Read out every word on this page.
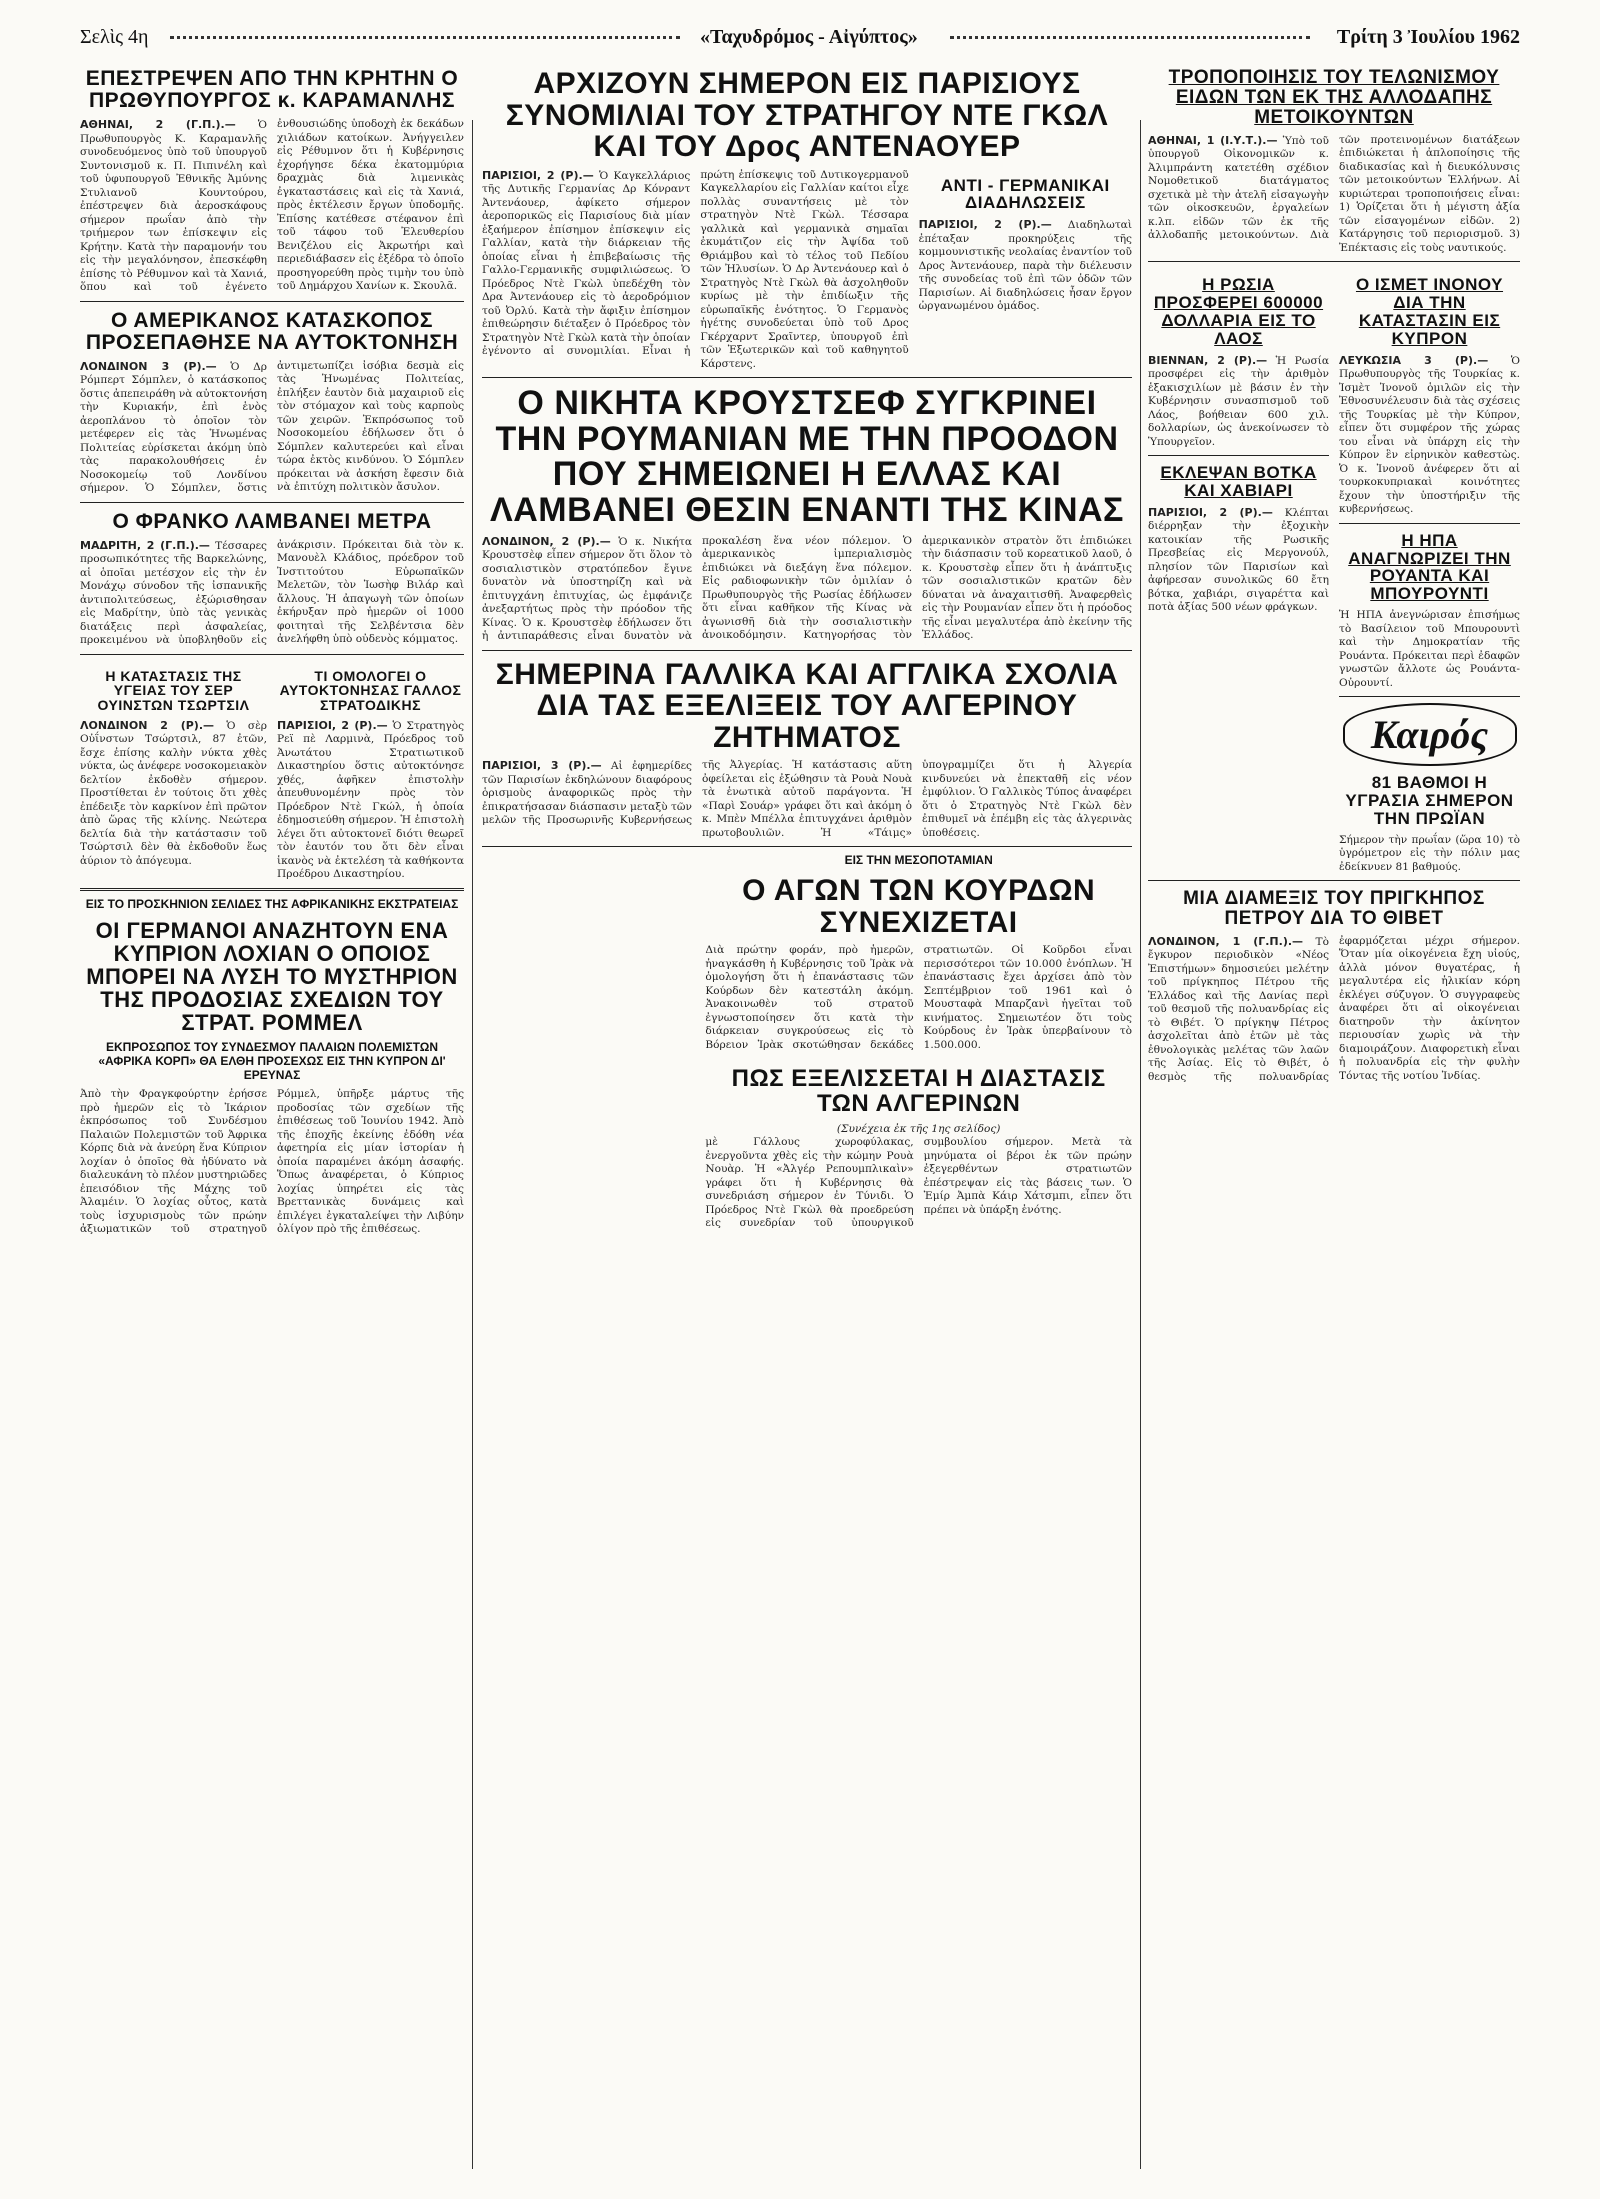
Σελὶς 4η	«Ταχυδρόμος - Αἰγύπτος»	Τρίτη 3 Ἰουλίου 1962
ΕΠΕΣΤΡΕΨΕΝ ΑΠΟ ΤΗΝ ΚΡΗΤΗΝ Ο ΠΡΩΘΥΠΟΥΡΓΟΣ κ. ΚΑΡΑΜΑΝΛΗΣ
ΑΘΗΝΑΙ, 2 (Γ.Π.).— Ὁ Πρωθυπουργὸς Κ. Καραμανλῆς συνοδευόμενος ὑπὸ τοῦ ὑπουργοῦ Συντονισμοῦ κ. Π. Πιπινέλη καὶ τοῦ ὑφυπουργοῦ Ἐθνικῆς Ἀμύνης Στυλιανοῦ Κουντούρου, ἐπέστρεψεν διὰ ἀεροσκάφους σήμερον πρωΐαν ἀπὸ τὴν τριήμερον των ἐπίσκεψιν εἰς Κρήτην. Κατὰ τὴν παραμονήν του εἰς τὴν μεγαλόνησον, ἐπεσκέφθη ἐπίσης τὸ Ρέθυμνον καὶ τὰ Χανιά, ὅπου καὶ τοῦ ἐγένετο ἐνθουσιώδης ὑποδοχὴ ἐκ δεκάδων χιλιάδων κατοίκων. Ἀνήγγειλεν εἰς Ρέθυμνον ὅτι ἡ Κυβέρνησις ἐχορήγησε δέκα ἑκατομμύρια δραχμὰς διὰ λιμενικὰς ἐγκαταστάσεις καὶ εἰς τὰ Χανιά, πρὸς ἐκτέλεσιν ἔργων ὑποδομῆς. Ἐπίσης κατέθεσε στέφανον ἐπὶ τοῦ τάφου τοῦ Ἐλευθερίου Βενιζέλου εἰς Ἀκρωτήρι καὶ περιεδιάβασεν εἰς ἐξέδρα τὸ ὁποῖο προσηγορεύθη πρὸς τιμὴν του ὑπὸ τοῦ Δημάρχου Χανίων κ. Σκουλᾶ.
Ο ΑΜΕΡΙΚΑΝΟΣ ΚΑΤΑΣΚΟΠΟΣ ΠΡΟΣΕΠΑΘΗΣΕ ΝΑ ΑΥΤΟΚΤΟΝΗΣΗ
ΛΟΝΔΙΝΟΝ 3 (Ρ).— Ὁ Δρ Ρόμπερτ Σόμπλεν, ὁ κατάσκοπος ὅστις ἀπεπειράθη νὰ αὐτοκτονήση τὴν Κυριακήν, ἐπὶ ἑνὸς ἀεροπλάνου τὸ ὁποῖον τὸν μετέφερεν εἰς τὰς Ἡνωμένας Πολιτείας εὑρίσκεται ἀκόμη ὑπὸ τὰς παρακολουθήσεις ἐν Νοσοκομείῳ τοῦ Λονδίνου σήμερον. Ὁ Σόμπλεν, ὅστις ἀντιμετωπίζει ἰσόβια δεσμὰ εἰς τὰς Ἡνωμένας Πολιτείας, ἐπλήξεν ἑαυτὸν διὰ μαχαιριοῦ εἰς τὸν στόμαχον καὶ τοὺς καρποὺς τῶν χειρῶν. Ἐκπρόσωπος τοῦ Νοσοκομείου ἐδήλωσεν ὅτι ὁ Σόμπλεν καλυτερεύει καὶ εἶναι τώρα ἐκτὸς κινδύνου. Ὁ Σόμπλεν πρόκειται νὰ ἀσκήση ἔφεσιν διὰ νὰ ἐπιτύχη πολιτικὸν ἄσυλον.
Ο ΦΡΑΝΚΟ ΛΑΜΒΑΝΕΙ ΜΕΤΡΑ
ΜΑΔΡΙΤΗ, 2 (Γ.Π.).— Τέσσαρες προσωπικότητες τῆς Βαρκελώνης, αἱ ὁποῖαι μετέσχον εἰς τὴν ἐν Μονάχῳ σύνοδον τῆς ἰσπανικῆς ἀντιπολιτεύσεως, ἐξώρισθησαν εἰς Μαδρίτην, ὑπὸ τὰς γενικὰς διατάξεις περὶ ἀσφαλείας, προκειμένου νὰ ὑποβληθοῦν εἰς ἀνάκρισιν. Πρόκειται διὰ τὸν κ. Μανουὲλ Κλάδιος, πρόεδρον τοῦ Ἰνστιτούτου Εὐρωπαϊκῶν Μελετῶν, τὸν Ἰωσὴφ Βιλάρ καὶ ἄλλους. Ἡ ἀπαγωγὴ τῶν ὁποίων ἐκήρυξαν πρὸ ἡμερῶν οἱ 1000 φοιτηταὶ τῆς Σελβέντσια δὲν ἀνελήφθη ὑπὸ οὐδενὸς κόμματος.
Η ΚΑΤΑΣΤΑΣΙΣ ΤΗΣ ΥΓΕΙΑΣ ΤΟΥ ΣΕΡ ΟΥΙΝΣΤΩΝ ΤΣΩΡΤΣΙΛ
ΛΟΝΔΙΝΟΝ 2 (Ρ).— Ὁ σὲρ Οὐΐνστων Τσώρτσιλ, 87 ἐτῶν, ἔσχε ἐπίσης καλὴν νύκτα χθὲς νύκτα, ὡς ἀνέφερε νοσοκομειακὸν δελτίον ἐκδοθὲν σήμερον. Προστίθεται ἐν τούτοις ὅτι χθὲς ἐπέδειξε τὸν καρκίνον ἐπὶ πρῶτον ἀπὸ ὥρας τῆς κλίνης. Νεώτερα δελτία διὰ τὴν κατάστασιν τοῦ Τσώρτσιλ δὲν θὰ ἐκδοθοῦν ἕως ἀύριον τὸ ἀπόγευμα.
ΤΙ ΟΜΟΛΟΓΕΙ Ο ΑΥΤΟΚΤΟΝΗΣΑΣ ΓΑΛΛΟΣ ΣΤΡΑΤΟΔΙΚΗΣ
ΠΑΡΙΣΙΟΙ, 2 (Ρ).— Ὁ Στρατηγὸς Ρεϊ πὲ Λαρμινὰ, Πρόεδρος τοῦ Ἀνωτάτου Στρατιωτικοῦ Δικαστηρίου ὅστις αὐτοκτόνησε χθές, ἀφῆκεν ἐπιστολὴν ἀπευθυνομένην πρὸς τὸν Πρόεδρον Ντὲ Γκώλ, ἡ ὁποία ἐδημοσιεύθη σήμερον. Ἡ ἐπιστολὴ λέγει ὅτι αὐτοκτονεῖ διότι θεωρεῖ τὸν ἑαυτόν του ὅτι δὲν εἶναι ἱκανὸς νὰ ἐκτελέση τὰ καθήκοντα Προέδρου Δικαστηρίου.
ΕΙΣ ΤΟ ΠΡΟΣΚΗΝΙΟΝ ΣΕΛΙΔΕΣ ΤΗΣ ΑΦΡΙΚΑΝΙΚΗΣ ΕΚΣΤΡΑΤΕΙΑΣ
ΟΙ ΓΕΡΜΑΝΟΙ ΑΝΑΖΗΤΟΥΝ ΕΝΑ ΚΥΠΡΙΟΝ ΛΟΧΙΑΝ Ο ΟΠΟΙΟΣ ΜΠΟΡΕΙ ΝΑ ΛΥΣΗ ΤΟ ΜΥΣΤΗΡΙΟΝ ΤΗΣ ΠΡΟΔΟΣΙΑΣ ΣΧΕΔΙΩΝ ΤΟΥ ΣΤΡΑΤ. ΡΟΜΜΕΛ
ΕΚΠΡΟΣΩΠΟΣ ΤΟΥ ΣΥΝΔΕΣΜΟΥ ΠΑΛΑΙΩΝ ΠΟΛΕΜΙΣΤΩΝ «ΑΦΡΙΚΑ ΚΟΡΠ» ΘΑ ΕΛΘΗ ΠΡΟΣΕΧΩΣ ΕΙΣ ΤΗΝ ΚΥΠΡΟΝ ΔΙ' ΕΡΕΥΝΑΣ
Ἀπὸ τὴν Φραγκφούρτην ἐρήσσε πρὸ ἡμερῶν εἰς τὸ Ἰκάριον ἐκπρόσωπος τοῦ Συνδέσμου Παλαιῶν Πολεμιστῶν τοῦ Ἀφρικα Κόρπς διὰ νὰ ἀνεύρη ἕνα Κύπριον λοχίαν ὁ ὁποῖος θὰ ἠδύνατο νὰ διαλευκάνη τὸ πλέον μυστηριῶδες ἐπεισόδιον τῆς Μάχης τοῦ Ἀλαμέιν. Ὁ λοχίας οὗτος, κατὰ τοὺς ἰσχυρισμοὺς τῶν πρώην ἀξιωματικῶν τοῦ στρατηγοῦ Ρόμμελ, ὑπῆρξε μάρτυς τῆς προδοσίας τῶν σχεδίων τῆς ἐπιθέσεως τοῦ Ἰουνίου 1942. Ἀπὸ τῆς ἐποχῆς ἐκείνης ἐδόθη νέα ἀφετηρία εἰς μίαν ἱστορίαν ἡ ὁποία παραμένει ἀκόμη ἀσαφής. Ὅπως ἀναφέρεται, ὁ Κύπριος λοχίας ὑπηρέτει εἰς τὰς Βρεττανικὰς δυνάμεις καὶ ἐπιλέγει ἐγκαταλείψει τὴν Λιβύην ὀλίγον πρὸ τῆς ἐπιθέσεως.
ΑΡΧΙΖΟΥΝ ΣΗΜΕΡΟΝ ΕΙΣ ΠΑΡΙΣΙΟΥΣ ΣΥΝΟΜΙΛΙΑΙ ΤΟΥ ΣΤΡΑΤΗΓΟΥ ΝΤΕ ΓΚΩΛ ΚΑΙ ΤΟΥ Δρος ΑΝΤΕΝΑΟΥΕΡ
ΠΑΡΙΣΙΟΙ, 2 (Ρ).— Ὁ Καγκελλάριος τῆς Δυτικῆς Γερμανίας Δρ Κόνραντ Ἀντενάουερ, ἀφίκετο σήμερον ἀεροπορικῶς εἰς Παρισίους διὰ μίαν ἑξαήμερον ἐπίσημον ἐπίσκεψιν εἰς Γαλλίαν, κατὰ τὴν διάρκειαν τῆς ὁποίας εἶναι ἡ ἐπιβεβαίωσις τῆς Γαλλο-Γερμανικῆς συμφιλιώσεως. Ὁ Πρόεδρος Ντὲ Γκὼλ ὑπεδέχθη τὸν Δρα Ἀντενάουερ εἰς τὸ ἀεροδρόμιον τοῦ Ὀρλύ. Κατὰ τὴν ἄφιξιν ἐπίσημον ἐπιθεώρησιν διέταξεν ὁ Πρόεδρος τὸν Στρατηγὸν Ντὲ Γκὼλ κατὰ τὴν ὁποίαν ἐγένοντο αἱ συνομιλίαι. Εἶναι ἡ πρώτη ἐπίσκεψις τοῦ Δυτικογερμανοῦ Καγκελλαρίου εἰς Γαλλίαν καίτοι εἶχε πολλὰς συναντήσεις μὲ τὸν στρατηγὸν Ντὲ Γκὼλ. Τέσσαρα γαλλικὰ καὶ γερμανικὰ σημαῖαι ἐκυμάτιζον εἰς τὴν Ἀψίδα τοῦ Θριάμβου καὶ τὸ τέλος τοῦ Πεδίου τῶν Ἠλυσίων. Ὁ Δρ Ἀντενάουερ καὶ ὁ Στρατηγὸς Ντὲ Γκὼλ θὰ ἀσχοληθοῦν κυρίως μὲ τὴν ἐπιδίωξιν τῆς εὐρωπαϊκῆς ἑνότητος. Ὁ Γερμανὸς ἡγέτης συνοδεύεται ὑπὸ τοῦ Δρος Γκέρχαρντ Σραῖντερ, ὑπουργοῦ ἐπὶ τῶν Ἐξωτερικῶν καὶ τοῦ καθηγητοῦ Κάρστενς.
ΑΝΤΙ - ΓΕΡΜΑΝΙΚΑΙ ΔΙΑΔΗΛΩΣΕΙΣ
ΠΑΡΙΣΙΟΙ, 2 (Ρ).— Διαδηλωταὶ ἐπέταξαν προκηρύξεις τῆς κομμουνιστικῆς νεολαίας ἐναντίον τοῦ Δρος Ἀντενάουερ, παρὰ τὴν διέλευσιν τῆς συνοδείας τοῦ ἐπὶ τῶν ὁδῶν τῶν Παρισίων. Αἱ διαδηλώσεις ἦσαν ἔργον ὠργανωμένου ὁμάδος.
Ο ΝΙΚΗΤΑ ΚΡΟΥΣΤΣΕΦ ΣΥΓΚΡΙΝΕΙ ΤΗΝ ΡΟΥΜΑΝΙΑΝ ΜΕ ΤΗΝ ΠΡΟΟΔΟΝ ΠΟΥ ΣΗΜΕΙΩΝΕΙ Η ΕΛΛΑΣ ΚΑΙ ΛΑΜΒΑΝΕΙ ΘΕΣΙΝ ΕΝΑΝΤΙ ΤΗΣ ΚΙΝΑΣ
ΛΟΝΔΙΝΟΝ, 2 (Ρ).— Ὁ κ. Νικήτα Κρουστσὲφ εἶπεν σήμερον ὅτι ὅλον τὸ σοσιαλιστικὸν στρατόπεδον ἔγινε δυνατὸν νὰ ὑποστηρίζη καὶ νὰ ἐπιτυγχάνη ἐπιτυχίας, ὡς ἐμφάνιζε ἀνεξαρτήτως πρὸς τὴν πρόοδον τῆς Κίνας. Ὁ κ. Κρουστσὲφ ἐδήλωσεν ὅτι ἡ ἀντιπαράθεσις εἶναι δυνατὸν νὰ προκαλέση ἕνα νέον πόλεμον. Ὁ ἀμερικανικὸς ἰμπεριαλισμὸς ἐπιδιώκει νὰ διεξάγη ἕνα πόλεμον. Εἰς ραδιοφωνικὴν τῶν ὁμιλίαν ὁ Πρωθυπουργὸς τῆς Ρωσίας ἐδήλωσεν ὅτι εἶναι καθῆκον τῆς Κίνας νὰ ἀγωνισθῆ διὰ τὴν σοσιαλιστικὴν ἀνοικοδόμησιν. Κατηγορήσας τὸν ἀμερικανικὸν στρατὸν ὅτι ἐπιδιώκει τὴν διάσπασιν τοῦ κορεατικοῦ λαοῦ, ὁ κ. Κρουστσὲφ εἶπεν ὅτι ἡ ἀνάπτυξις τῶν σοσιαλιστικῶν κρατῶν δὲν δύναται νὰ ἀναχαιτισθῆ. Ἀναφερθεὶς εἰς τὴν Ρουμανίαν εἶπεν ὅτι ἡ πρόοδος τῆς εἶναι μεγαλυτέρα ἀπὸ ἐκείνην τῆς Ἑλλάδος.
ΣΗΜΕΡΙΝΑ ΓΑΛΛΙΚΑ ΚΑΙ ΑΓΓΛΙΚΑ ΣΧΟΛΙΑ ΔΙΑ ΤΑΣ ΕΞΕΛΙΞΕΙΣ ΤΟΥ ΑΛΓΕΡΙΝΟΥ ΖΗΤΗΜΑΤΟΣ
ΠΑΡΙΣΙΟΙ, 3 (Ρ).— Αἱ ἐφημερίδες τῶν Παρισίων ἐκδηλώνουν διαφόρους ὁρισμοὺς ἀναφορικῶς πρὸς τὴν ἐπικρατήσασαν διάσπασιν μεταξὺ τῶν μελῶν τῆς Προσωρινῆς Κυβερνήσεως τῆς Ἀλγερίας. Ἡ κατάστασις αὕτη ὀφείλεται εἰς ἐξώθησιν τὰ Ρουὰ Νουὰ τὰ ἑνωτικὰ αὐτοῦ παράγοντα. Ἡ «Παρὶ Σουάρ» γράφει ὅτι καὶ ἀκόμη ὁ κ. Μπὲν Μπέλλα ἐπιτυγχάνει ἀριθμὸν πρωτοβουλιῶν. Ἡ «Τάιμς» ὑπογραμμίζει ὅτι ἡ Ἀλγερία κινδυνεύει νὰ ἐπεκταθῆ εἰς νέον ἐμφύλιον. Ὁ Γαλλικὸς Τύπος ἀναφέρει ὅτι ὁ Στρατηγὸς Ντὲ Γκὼλ δὲν ἐπιθυμεῖ νὰ ἐπέμβη εἰς τὰς ἀλγερινὰς ὑποθέσεις.
ΕΙΣ ΤΗΝ ΜΕΣΟΠΟΤΑΜΙΑΝ
Ο ΑΓΩΝ ΤΩΝ ΚΟΥΡΔΩΝ ΣΥΝΕΧΙΖΕΤΑΙ
Διὰ πρώτην φοράν, πρὸ ἡμερῶν, ἠναγκάσθη ἡ Κυβέρνησις τοῦ Ἰρὰκ νὰ ὁμολογήση ὅτι ἡ ἐπανάστασις τῶν Κούρδων δὲν κατεστάλη ἀκόμη. Ἀνακοινωθὲν τοῦ στρατοῦ ἐγνωστοποίησεν ὅτι κατὰ τὴν διάρκειαν συγκρούσεως εἰς τὸ Βόρειον Ἰρὰκ σκοτώθησαν δεκάδες στρατιωτῶν. Οἱ Κοῦρδοι εἶναι περισσότεροι τῶν 10.000 ἐνόπλων. Ἡ ἐπανάστασις ἔχει ἀρχίσει ἀπὸ τὸν Σεπτέμβριον τοῦ 1961 καὶ ὁ Μουσταφὰ Μπαρζανὶ ἡγεῖται τοῦ κινήματος. Σημειωτέον ὅτι τοὺς Κούρδους ἐν Ἰρὰκ ὑπερβαίνουν τὸ 1.500.000.
ΠΩΣ ΕΞΕΛΙΣΣΕΤΑΙ Η ΔΙΑΣΤΑΣΙΣ ΤΩΝ ΑΛΓΕΡΙΝΩΝ
(Συνέχεια ἐκ τῆς 1ης σελίδος)
μὲ Γάλλους χωροφύλακας, ἐνεργοῦντα χθὲς εἰς τὴν κώμην Ρουὰ Νουὰρ. Ἡ «Ἀλγέρ Ρεπουμπλικαὶν» γράφει ὅτι ἡ Κυβέρνησις θὰ συνεδριάση σήμερον ἐν Τύνιδι. Ὁ Πρόεδρος Ντὲ Γκὼλ θὰ προεδρεύση εἰς συνεδρίαν τοῦ ὑπουργικοῦ συμβουλίου σήμερον. Μετὰ τὰ μηνύματα οἱ βέροι ἐκ τῶν πρώην ἐξεγερθέντων στρατιωτῶν ἐπέστρεψαν εἰς τὰς βάσεις των. Ὁ Ἐμίρ Ἀμπὰ Κάιρ Χάτσμπι, εἶπεν ὅτι πρέπει νὰ ὑπάρξη ἑνότης.
ΤΡΟΠΟΠΟΙΗΣΙΣ ΤΟΥ ΤΕΛΩΝΙΣΜΟΥ ΕΙΔΩΝ ΤΩΝ ΕΚ ΤΗΣ ΑΛΛΟΔΑΠΗΣ ΜΕΤΟΙΚΟΥΝΤΩΝ
ΑΘΗΝΑΙ, 1 (Ι.Υ.Τ.).— Ὑπὸ τοῦ ὑπουργοῦ Οἰκονομικῶν κ. Ἀλιμπράντη κατετέθη σχέδιον Νομοθετικοῦ διατάγματος σχετικὰ μὲ τὴν ἀτελῆ εἰσαγωγὴν τῶν οἰκοσκευῶν, ἐργαλείων κ.λπ. εἰδῶν τῶν ἐκ τῆς ἀλλοδαπῆς μετοικούντων. Διὰ τῶν προτεινομένων διατάξεων ἐπιδιώκεται ἡ ἀπλοποίησις τῆς διαδικασίας καὶ ἡ διευκόλυνσις τῶν μετοικούντων Ἑλλήνων. Αἱ κυριώτεραι τροποποιήσεις εἶναι: 1) Ὁρίζεται ὅτι ἡ μέγιστη ἀξία τῶν εἰσαγομένων εἰδῶν. 2) Κατάργησις τοῦ περιορισμοῦ. 3) Ἐπέκτασις εἰς τοὺς ναυτικούς.
Η ΡΩΣΙΑ ΠΡΟΣΦΕΡΕΙ 600000 ΔΟΛΛΑΡΙΑ ΕΙΣ ΤΟ ΛΑΟΣ
ΒΙΕΝΝΑΝ, 2 (Ρ).— Ἡ Ρωσία προσφέρει εἰς τὴν ἀριθμὸν ἑξακισχιλίων μὲ βάσιν ἐν τὴν Κυβέρνησιν συνασπισμοῦ τοῦ Λάος, βοήθειαν 600 χιλ. δολλαρίων, ὡς ἀνεκοίνωσεν τὸ Ὑπουργεῖον.
ΕΚΛΕΨΑΝ ΒΟΤΚΑ ΚΑΙ ΧΑΒΙΑΡΙ
ΠΑΡΙΣΙΟΙ, 2 (Ρ).— Κλέπται διέρρηξαν τὴν ἐξοχικὴν κατοικίαν τῆς Ρωσικῆς Πρεσβείας εἰς Μεργονούλ, πλησίον τῶν Παρισίων καὶ ἀφήρεσαν συνολικῶς 60 ἔτη βότκα, χαβιάρι, σιγαρέττα καὶ ποτὰ ἀξίας 500 νέων φράγκων.
Ο ΙΣΜΕΤ ΙΝΟΝΟΥ ΔΙΑ ΤΗΝ ΚΑΤΑΣΤΑΣΙΝ ΕΙΣ ΚΥΠΡΟΝ
ΛΕΥΚΩΣΙΑ 3 (Ρ).— Ὁ Πρωθυπουργὸς τῆς Τουρκίας κ. Ἰσμὲτ Ἰνονοῦ ὁμιλῶν εἰς τὴν Ἐθνοσυνέλευσιν διὰ τὰς σχέσεις τῆς Τουρκίας μὲ τὴν Κύπρον, εἶπεν ὅτι συμφέρον τῆς χώρας του εἶναι νὰ ὑπάρχη εἰς τὴν Κύπρον ἓν εἰρηνικὸν καθεστὼς. Ὁ κ. Ἰνονοῦ ἀνέφερεν ὅτι αἱ τουρκοκυπριακαὶ κοινότητες ἔχουν τὴν ὑποστήριξιν τῆς κυβερνήσεως.
Η ΗΠΑ ΑΝΑΓΝΩΡΙΖΕΙ ΤΗΝ ΡΟΥΑΝΤΑ ΚΑΙ ΜΠΟΥΡΟΥΝΤΙ
Ἡ ΗΠΑ ἀνεγνώρισαν ἐπισήμως τὸ Βασίλειον τοῦ Μπουρουντὶ καὶ τὴν Δημοκρατίαν τῆς Ρουάντα. Πρόκειται περὶ ἐδαφῶν γνωστῶν ἄλλοτε ὡς Ρουάντα-Οὐρουντί.
Καιρός
81 ΒΑΘΜΟΙ Η ΥΓΡΑΣΙΑ ΣΗΜΕΡΟΝ ΤΗΝ ΠΡΩΪΑΝ
Σήμερον τὴν πρωΐαν (ὥρα 10) τὸ ὑγρόμετρον εἰς τὴν πόλιν μας ἐδείκνυεν 81 βαθμούς.
ΜΙΑ ΔΙΑΜΕΞΙΣ ΤΟΥ ΠΡΙΓΚΗΠΟΣ ΠΕΤΡΟΥ ΔΙΑ ΤΟ ΘΙΒΕΤ
ΛΟΝΔΙΝΟΝ, 1 (Γ.Π.).— Τὸ ἔγκυρον περιοδικὸν «Νέος Ἐπιστήμων» δημοσιεύει μελέτην τοῦ πρίγκηπος Πέτρου τῆς Ἑλλάδος καὶ τῆς Δανίας περὶ τοῦ θεσμοῦ τῆς πολυανδρίας εἰς τὸ Θιβέτ. Ὁ πρίγκηψ Πέτρος ἀσχολεῖται ἀπὸ ἐτῶν μὲ τὰς ἐθνολογικὰς μελέτας τῶν λαῶν τῆς Ἀσίας. Εἰς τὸ Θιβέτ, ὁ θεσμὸς τῆς πολυανδρίας ἐφαρμόζεται μέχρι σήμερον. Ὅταν μία οἰκογένεια ἔχη υἱούς, ἀλλὰ μόνον θυγατέρας, ἡ μεγαλυτέρα εἰς ἡλικίαν κόρη ἐκλέγει σύζυγον. Ὁ συγγραφεὺς ἀναφέρει ὅτι αἱ οἰκογένειαι διατηροῦν τὴν ἀκίνητον περιουσίαν χωρὶς νὰ τὴν διαμοιράζουν. Διαφορετικὴ εἶναι ἡ πολυανδρία εἰς τὴν φυλὴν Τόντας τῆς νοτίου Ἰνδίας.
